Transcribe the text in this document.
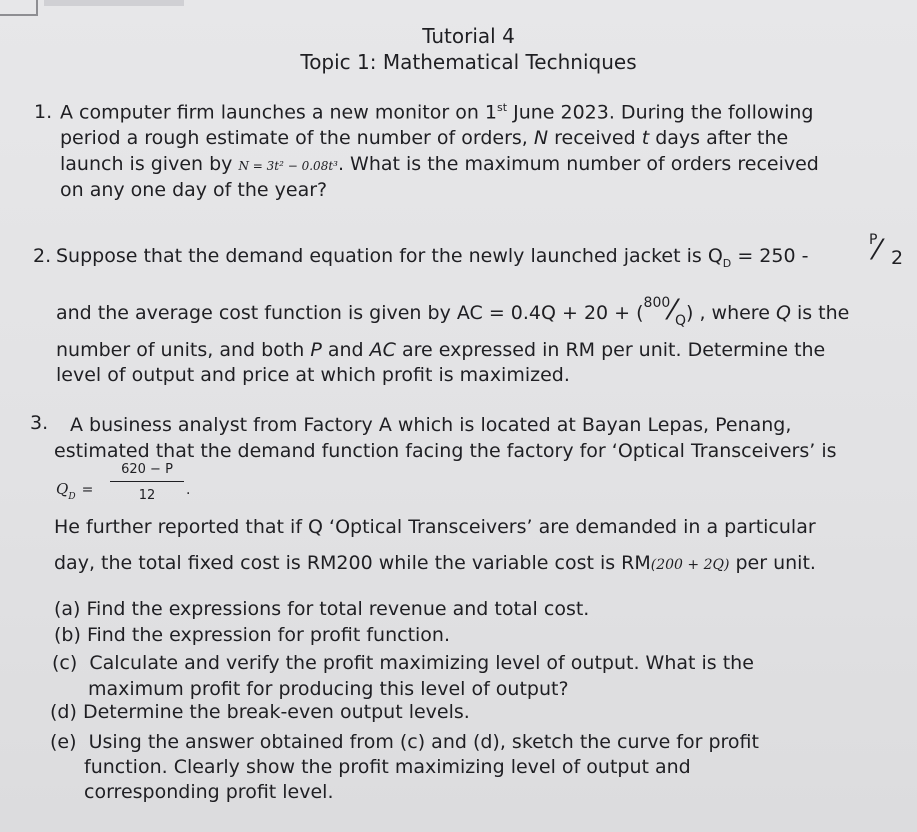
Tutorial 4
Topic 1: Mathematical Techniques
1. A computer firm launches a new monitor on 1st June 2023. During the following
period a rough estimate of the number of orders, N received t days after the
launch is given by N = 3t² − 0.08t³. What is the maximum number of orders received
on any one day of the year?
2. Suppose that the demand equation for the newly launched jacket is $Q_D = 250$ -
P
⁄ 2
and the average cost function is given by AC = $0.4Q + 20 + (^{800}⁄_Q)$ , where Q is the
number of units, and both P and AC are expressed in RM per unit. Determine the
level of output and price at which profit is maximized.
3. A business analyst from Factory A which is located at Bayan Lepas, Penang,
estimated that the demand function facing the factory for ‘Optical Transceivers’ is
$Q_D$ =
620 − P
12	.
He further reported that if Q ‘Optical Transceivers’ are demanded in a particular
day, the total fixed cost is RM200 while the variable cost is RM(200 + 2Q) per unit.
(a) Find the expressions for total revenue and total cost.
(b) Find the expression for profit function.
(c) Calculate and verify the profit maximizing level of output. What is the
maximum profit for producing this level of output?
(d) Determine the break-even output levels.
(e) Using the answer obtained from (c) and (d), sketch the curve for profit
function. Clearly show the profit maximizing level of output and
corresponding profit level.
